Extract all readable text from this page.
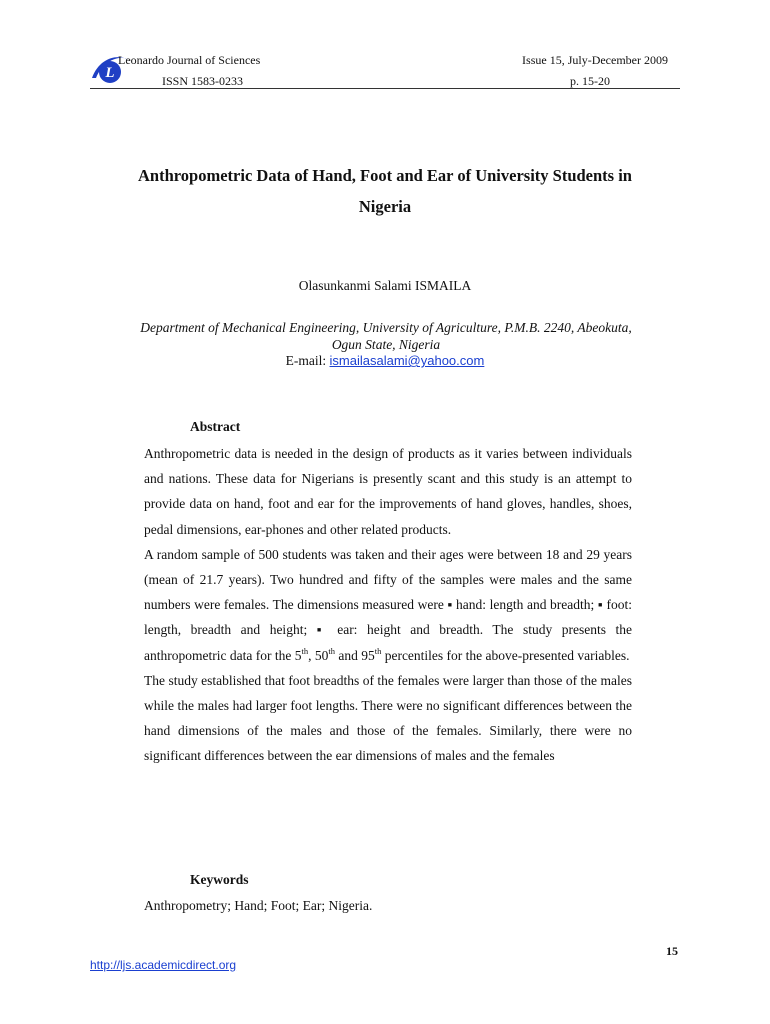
L
Leonardo Journal of Sciences
ISSN 1583-0233
Issue 15, July-December 2009
p. 15-20
Anthropometric Data of Hand, Foot and Ear of University Students in
Nigeria
Olasunkanmi Salami ISMAILA
Department of Mechanical Engineering, University of Agriculture, P.M.B. 2240, Abeokuta,
Ogun State, Nigeria
E-mail: ismailasalami@yahoo.com
Abstract

Anthropometric data is needed in the design of products as it varies between individuals and nations. These data for Nigerians is presently scant and this study is an attempt to provide data on hand, foot and ear for the improvements of hand gloves, handles, shoes, pedal dimensions, ear-phones and other related products.

A random sample of 500 students was taken and their ages were between 18 and 29 years (mean of 21.7 years). Two hundred and fifty of the samples were males and the same numbers were females. The dimensions measured were ▪ hand: length and breadth; ▪ foot: length, breadth and height; ▪ ear: height and breadth. The study presents the anthropometric data for the 5th, 50th and 95th percentiles for the above-presented variables.

The study established that foot breadths of the females were larger than those of the males while the males had larger foot lengths. There were no significant differences between the hand dimensions of the males and those of the females. Similarly, there were no significant differences between the ear dimensions of males and the females

Keywords
Anthropometry; Hand; Foot; Ear; Nigeria.
15
http://ljs.academicdirect.org
